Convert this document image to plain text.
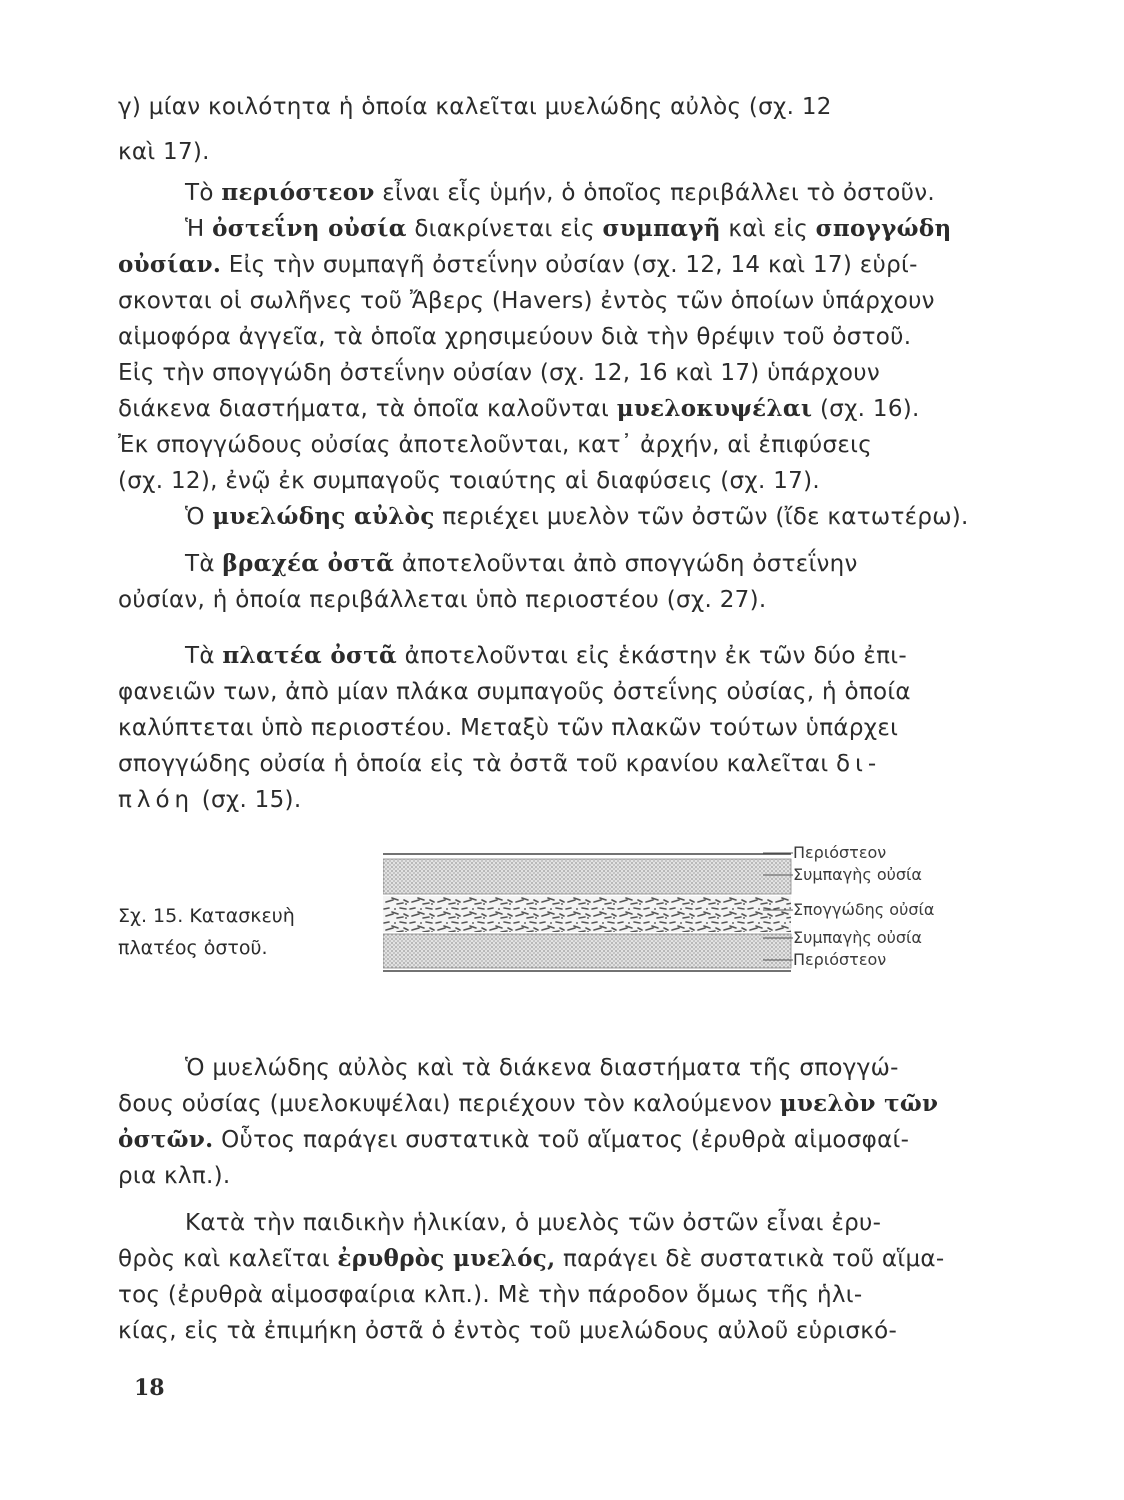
γ) μίαν κοιλότητα ἡ ὁποία καλεῖται μυελώδης αὐλὸς (σχ. 12
καὶ 17).
Τὸ περιόστεον εἶναι εἷς ὑμήν, ὁ ὁποῖος περιβάλλει τὸ ὀστοῦν.
Ἡ ὀστεΐνη οὐσία διακρίνεται εἰς συμπαγῆ καὶ εἰς σπογγώδη
οὐσίαν. Εἰς τὴν συμπαγῆ ὀστεΐνην οὐσίαν (σχ. 12, 14 καὶ 17) εὑρί-
σκονται οἱ σωλῆνες τοῦ Ἄβερς (Havers) ἐντὸς τῶν ὁποίων ὑπάρχουν
αἱμοφόρα ἀγγεῖα, τὰ ὁποῖα χρησιμεύουν διὰ τὴν θρέψιν τοῦ ὀστοῦ.
Εἰς τὴν σπογγώδη ὀστεΐνην οὐσίαν (σχ. 12, 16 καὶ 17) ὑπάρχουν
διάκενα διαστήματα, τὰ ὁποῖα καλοῦνται μυελοκυψέλαι (σχ. 16).
Ἐκ σπογγώδους οὐσίας ἀποτελοῦνται, κατ᾽ ἀρχήν, αἱ ἐπιφύσεις
(σχ. 12), ἐνῷ ἐκ συμπαγοῦς τοιαύτης αἱ διαφύσεις (σχ. 17).
Ὁ μυελώδης αὐλὸς περιέχει μυελὸν τῶν ὀστῶν (ἴδε κατωτέρω).
Τὰ βραχέα ὀστᾶ ἀποτελοῦνται ἀπὸ σπογγώδη ὀστεΐνην
οὐσίαν, ἡ ὁποία περιβάλλεται ὑπὸ περιοστέου (σχ. 27).
Τὰ πλατέα ὀστᾶ ἀποτελοῦνται εἰς ἑκάστην ἐκ τῶν δύο ἐπι-
φανειῶν των, ἀπὸ μίαν πλάκα συμπαγοῦς ὀστεΐνης οὐσίας, ἡ ὁποία
καλύπτεται ὑπὸ περιοστέου. Μεταξὺ τῶν πλακῶν τούτων ὑπάρχει
σπογγώδης οὐσία ἡ ὁποία εἰς τὰ ὀστᾶ τοῦ κρανίου καλεῖται δι-
πλόη (σχ. 15).
Σχ. 15. Κατασκευὴ
πλατέος ὀστοῦ.
Περιόστεον
Συμπαγὴς οὐσία
Σπογγώδης οὐσία
Συμπαγὴς οὐσία
Περιόστεον
Ὁ μυελώδης αὐλὸς καὶ τὰ διάκενα διαστήματα τῆς σπογγώ-
δους οὐσίας (μυελοκυψέλαι) περιέχουν τὸν καλούμενον μυελὸν τῶν
ὀστῶν. Οὗτος παράγει συστατικὰ τοῦ αἵματος (ἐρυθρὰ αἱμοσφαί-
ρια κλπ.).
Κατὰ τὴν παιδικὴν ἡλικίαν, ὁ μυελὸς τῶν ὀστῶν εἶναι ἐρυ-
θρὸς καὶ καλεῖται ἐρυθρὸς μυελός, παράγει δὲ συστατικὰ τοῦ αἵμα-
τος (ἐρυθρὰ αἱμοσφαίρια κλπ.). Μὲ τὴν πάροδον ὅμως τῆς ἡλι-
κίας, εἰς τὰ ἐπιμήκη ὀστᾶ ὁ ἐντὸς τοῦ μυελώδους αὐλοῦ εὑρισκό-
18
